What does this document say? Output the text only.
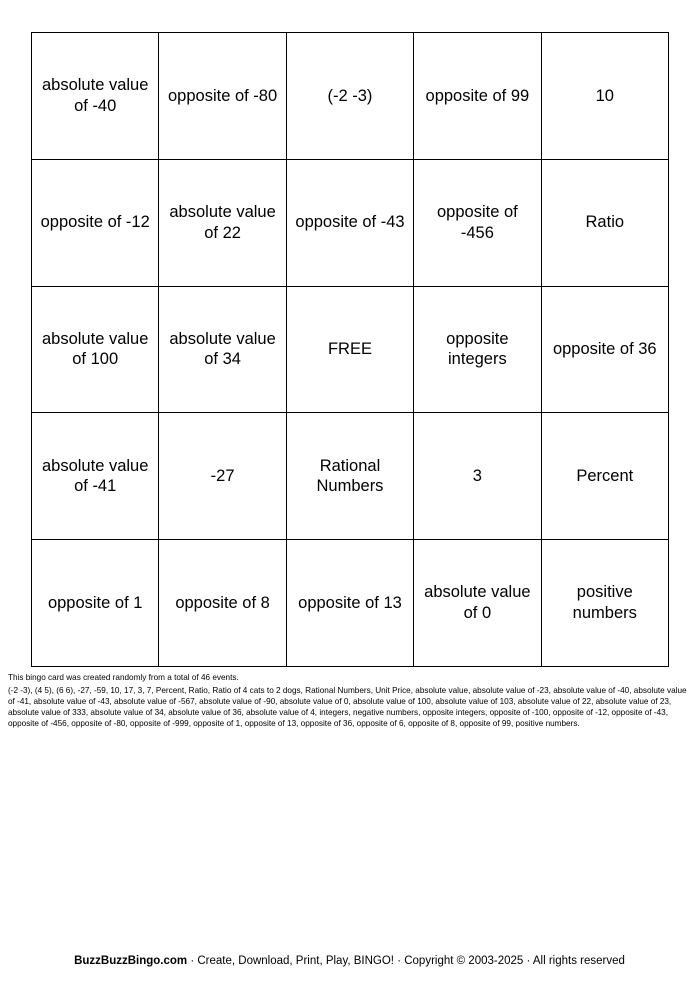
absolute value of -40	opposite of -80	(-2 -3)	opposite of 99	10
opposite of -12	absolute value of 22	opposite of -43	opposite of -456	Ratio
absolute value of 100	absolute value of 34	FREE	opposite integers	opposite of 36
absolute value of -41	-27	Rational Numbers	3	Percent
opposite of 1	opposite of 8	opposite of 13	absolute value of 0	positive numbers

This bingo card was created randomly from a total of 46 events.

(-2 -3), (4 5), (6 6), -27, -59, 10, 17, 3, 7, Percent, Ratio, Ratio of 4 cats to 2 dogs, Rational Numbers, Unit Price, absolute value, absolute value of -23, absolute value of -40, absolute value of -41, absolute value of -43, absolute value of -567, absolute value of -90, absolute value of 0, absolute value of 100, absolute value of 103, absolute value of 22, absolute value of 23, absolute value of 333, absolute value of 34, absolute value of 36, absolute value of 4, integers, negative numbers, opposite integers, opposite of -100, opposite of -12, opposite of -43, opposite of -456, opposite of -80, opposite of -999, opposite of 1, opposite of 13, opposite of 36, opposite of 6, opposite of 8, opposite of 99, positive numbers.

BuzzBuzzBingo.com · Create, Download, Print, Play, BINGO! · Copyright © 2003-2025 · All rights reserved
